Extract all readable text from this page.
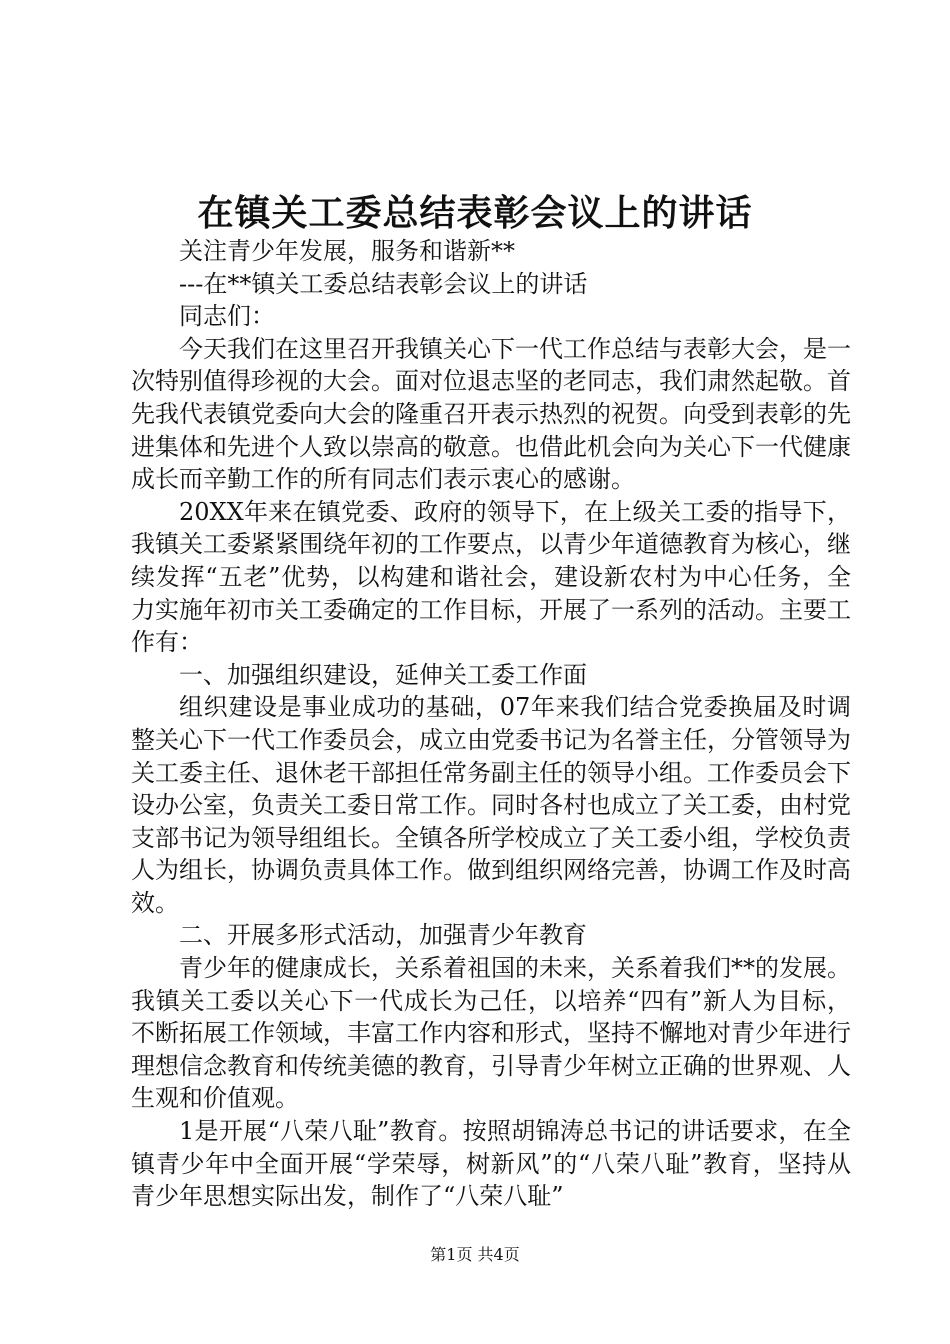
在镇关工委总结表彰会议上的讲话

关注青少年发展，服务和谐新**

---在**镇关工委总结表彰会议上的讲话

同志们：

今天我们在这里召开我镇关心下一代工作总结与表彰大会，是一次特别值得珍视的大会。面对位退志坚的老同志，我们肃然起敬。首先我代表镇党委向大会的隆重召开表示热烈的祝贺。向受到表彰的先进集体和先进个人致以崇高的敬意。也借此机会向为关心下一代健康成长而辛勤工作的所有同志们表示衷心的感谢。

20XX年来在镇党委、政府的领导下，在上级关工委的指导下，我镇关工委紧紧围绕年初的工作要点，以青少年道德教育为核心，继续发挥“五老”优势，以构建和谐社会，建设新农村为中心任务，全力实施年初市关工委确定的工作目标，开展了一系列的活动。主要工作有：

一、加强组织建设，延伸关工委工作面

组织建设是事业成功的基础，07年来我们结合党委换届及时调整关心下一代工作委员会，成立由党委书记为名誉主任，分管领导为关工委主任、退休老干部担任常务副主任的领导小组。工作委员会下设办公室，负责关工委日常工作。同时各村也成立了关工委，由村党支部书记为领导组组长。全镇各所学校成立了关工委小组，学校负责人为组长，协调负责具体工作。做到组织网络完善，协调工作及时高效。

二、开展多形式活动，加强青少年教育

青少年的健康成长，关系着祖国的未来，关系着我们**的发展。我镇关工委以关心下一代成长为己任，以培养“四有”新人为目标，不断拓展工作领域，丰富工作内容和形式，坚持不懈地对青少年进行理想信念教育和传统美德的教育，引导青少年树立正确的世界观、人生观和价值观。

1是开展“八荣八耻”教育。按照胡锦涛总书记的讲话要求，在全镇青少年中全面开展“学荣辱，树新风”的“八荣八耻”教育，坚持从青少年思想实际出发，制作了“八荣八耻”

第1页 共4页
